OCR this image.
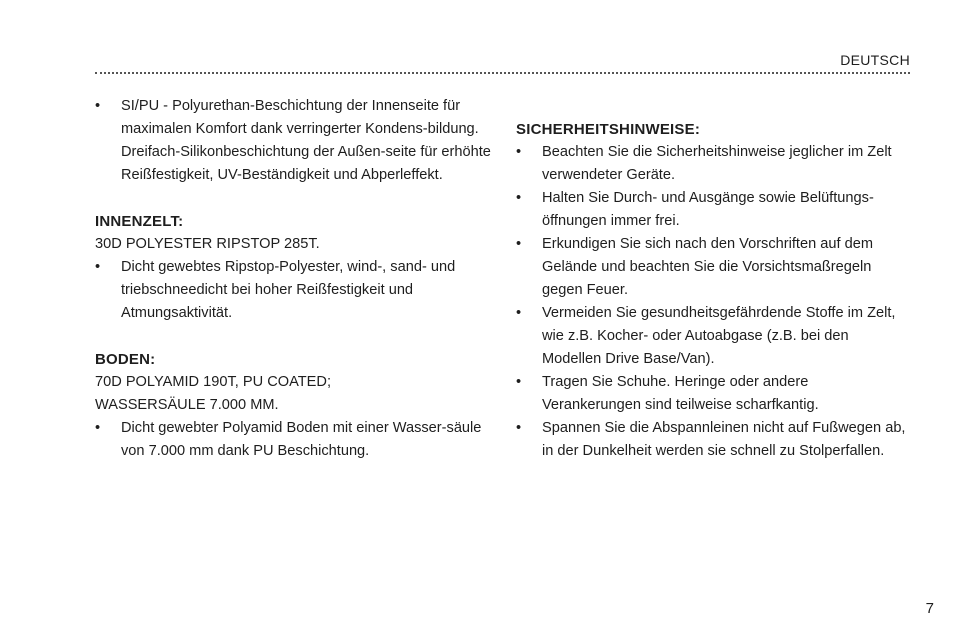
DEUTSCH
• SI/PU - Polyurethan-Beschichtung der Innenseite für maximalen Komfort dank verringerter Kondens-bildung. Dreifach-Silikonbeschichtung der Außen-seite für erhöhte Reißfestigkeit, UV-Beständigkeit und Abperleffekt.

INNENZELT:

30D POLYESTER RIPSTOP 285T.

• Dicht gewebtes Ripstop-Polyester, wind-, sand- und triebschneedicht bei hoher Reißfestigkeit und Atmungsaktivität.

BODEN:

70D POLYAMID 190T, PU COATED;

WASSERSÄULE 7.000 MM.

• Dicht gewebter Polyamid Boden mit einer Wasser-säule von 7.000 mm dank PU Beschichtung.

SICHERHEITSHINWEISE:

• Beachten Sie die Sicherheitshinweise jeglicher im Zelt verwendeter Geräte.
• Halten Sie Durch- und Ausgänge sowie Belüftungs-öffnungen immer frei.
• Erkundigen Sie sich nach den Vorschriften auf dem Gelände und beachten Sie die Vorsichtsmaßregeln gegen Feuer.
• Vermeiden Sie gesundheitsgefährdende Stoffe im Zelt, wie z.B. Kocher- oder Autoabgase (z.B. bei den Modellen Drive Base/Van).
• Tragen Sie Schuhe. Heringe oder andere Verankerungen sind teilweise scharfkantig.
• Spannen Sie die Abspannleinen nicht auf Fußwegen ab, in der Dunkelheit werden sie schnell zu Stolperfallen.
7
